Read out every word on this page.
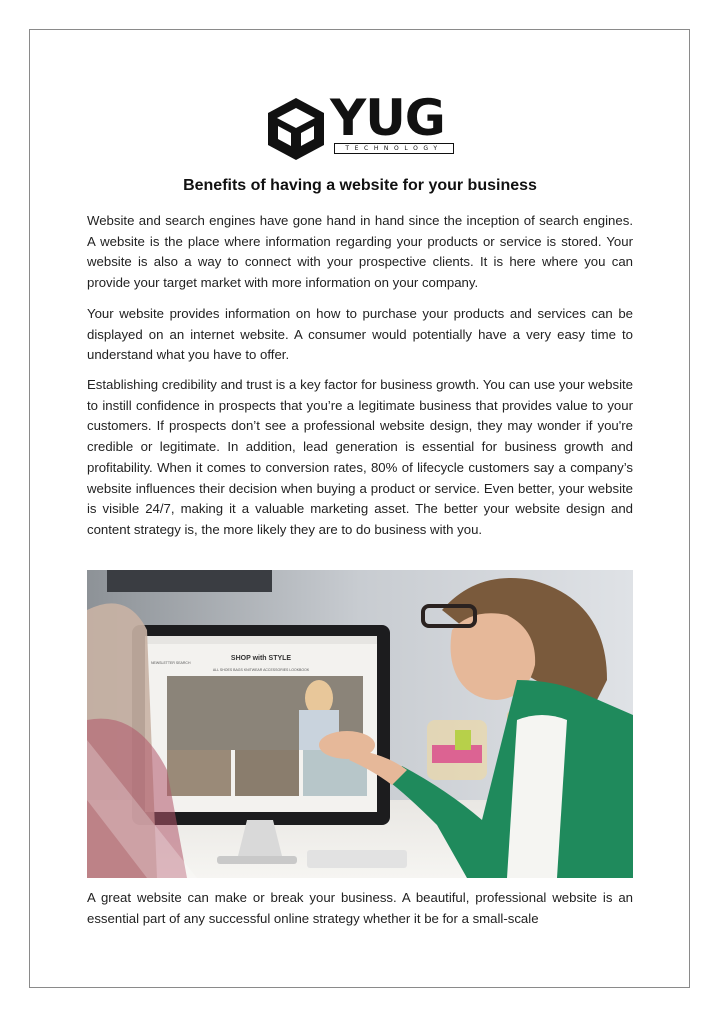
YUG
TECHNOLOGY
Benefits of having a website for your business

Website and search engines have gone hand in hand since the inception of search engines. A website is the place where information regarding your products or service is stored. Your website is also a way to connect with your prospective clients. It is here where you can provide your target market with more information on your company.

Your website provides information on how to purchase your products and services can be displayed on an internet website. A consumer would potentially have a very easy time to understand what you have to offer.

Establishing credibility and trust is a key factor for business growth. You can use your website to instill confidence in prospects that you’re a legitimate business that provides value to your customers. If prospects don’t see a professional website design, they may wonder if you're credible or legitimate. In addition, lead generation is essential for business growth and profitability. When it comes to conversion rates, 80% of lifecycle customers say a company’s website influences their decision when buying a product or service. Even better, your website is visible 24/7, making it a valuable marketing asset. The better your website design and content strategy is, the more likely they are to do business with you.

SHOP with STYLE
NEWSLETTER SEARCH
ALL SHOES BAGS KNITWEAR ACCESSORIES LOOKBOOK

A great website can make or break your business. A beautiful, professional website is an essential part of any successful online strategy whether it be for a small-scale
